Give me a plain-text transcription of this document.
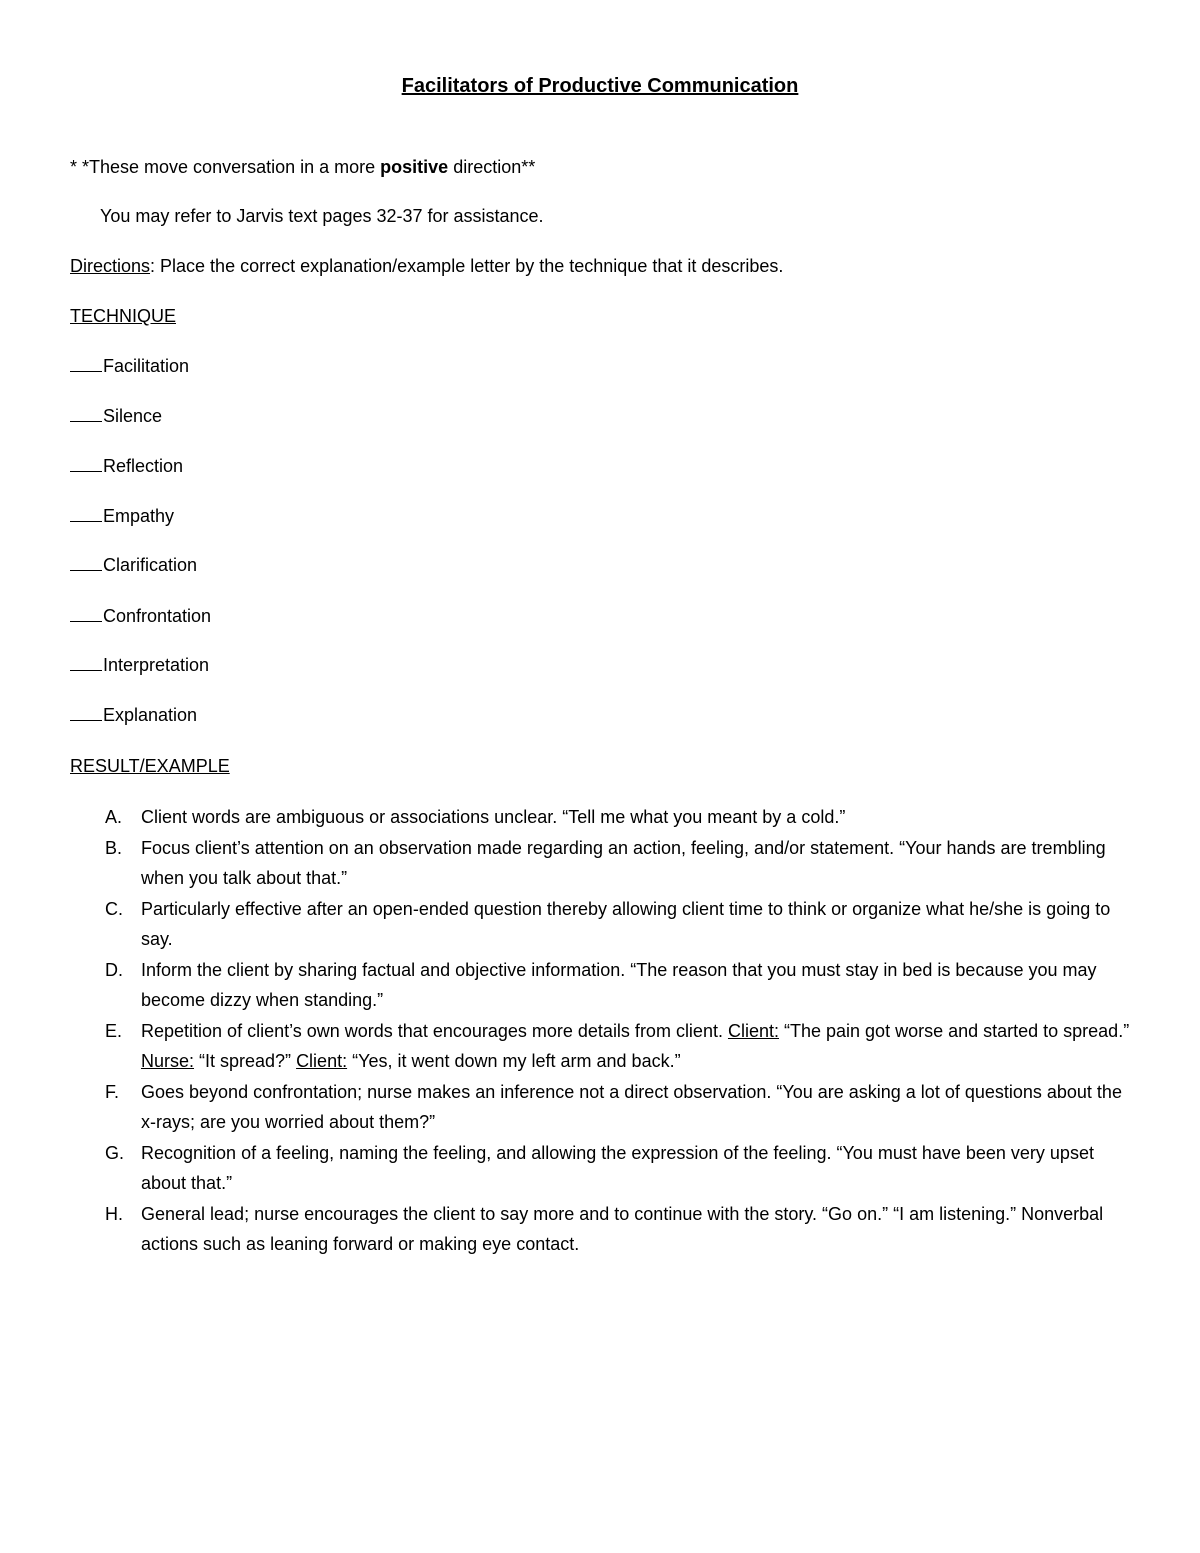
Facilitators of Productive Communication
* *These move conversation in a more positive direction**
You may refer to Jarvis text pages 32-37 for assistance.
Directions: Place the correct explanation/example letter by the technique that it describes.
TECHNIQUE
Facilitation
Silence
Reflection
Empathy
Clarification
Confrontation
Interpretation
Explanation
RESULT/EXAMPLE
A. Client words are ambiguous or associations unclear. “Tell me what you meant by a cold.”
B. Focus client’s attention on an observation made regarding an action, feeling, and/or statement. “Your hands are trembling when you talk about that.”
C. Particularly effective after an open-ended question thereby allowing client time to think or organize what he/she is going to say.
D. Inform the client by sharing factual and objective information. “The reason that you must stay in bed is because you may become dizzy when standing.”
E. Repetition of client’s own words that encourages more details from client. Client: “The pain got worse and started to spread.” Nurse: “It spread?” Client: “Yes, it went down my left arm and back.”
F. Goes beyond confrontation; nurse makes an inference not a direct observation. “You are asking a lot of questions about the x-rays; are you worried about them?”
G. Recognition of a feeling, naming the feeling, and allowing the expression of the feeling. “You must have been very upset about that.”
H. General lead; nurse encourages the client to say more and to continue with the story. “Go on.” “I am listening.” Nonverbal actions such as leaning forward or making eye contact.
